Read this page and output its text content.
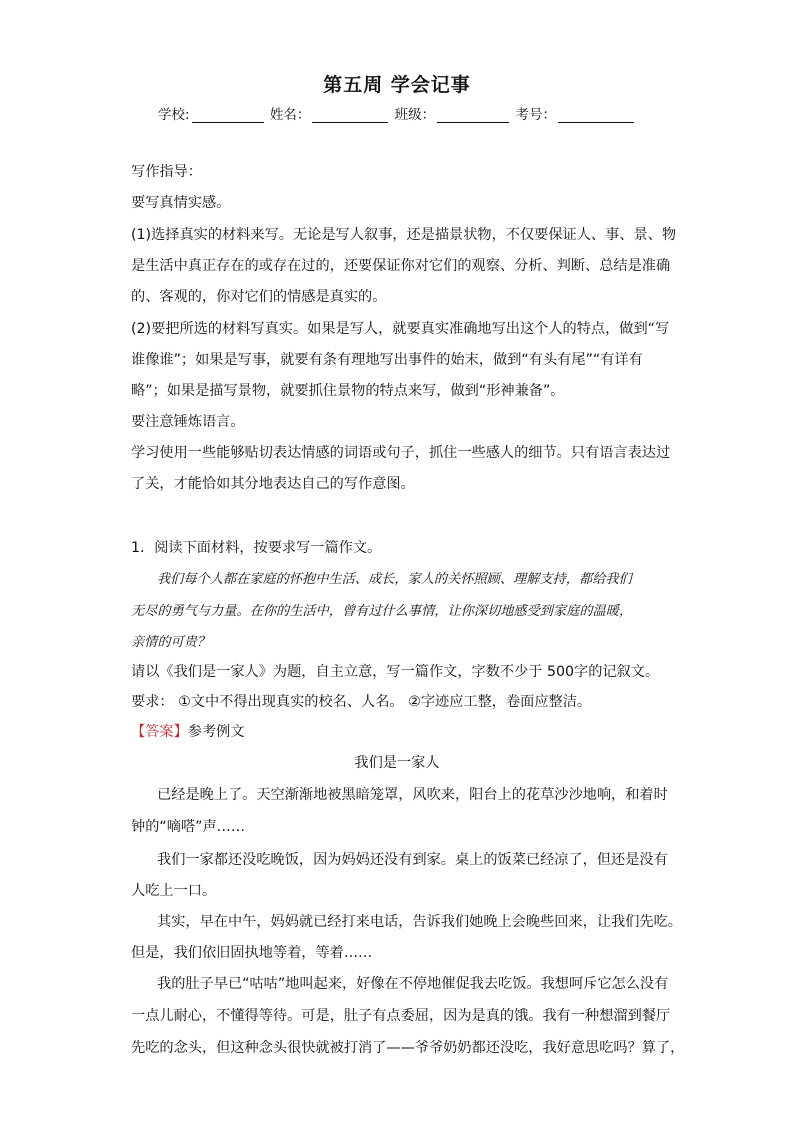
第五周 学会记事
学校:	姓名：	班级：	考号：
写作指导：
要写真情实感。
(1)选择真实的材料来写。无论是写人叙事，还是描景状物，不仅要保证人、事、景、物
是生活中真正存在的或存在过的，还要保证你对它们的观察、分析、判断、总结是准确
的、客观的，你对它们的情感是真实的。
(2)要把所选的材料写真实。如果是写人，就要真实准确地写出这个人的特点，做到“写
谁像谁”；如果是写事，就要有条有理地写出事件的始末，做到“有头有尾”“有详有
略”；如果是描写景物，就要抓住景物的特点来写，做到“形神兼备”。
要注意锤炼语言。
学习使用一些能够贴切表达情感的词语或句子，抓住一些感人的细节。只有语言表达过
了关，才能恰如其分地表达自己的写作意图。
1．阅读下面材料，按要求写一篇作文。
我们每个人都在家庭的怀抱中生活、成长，家人的关怀照顾、理解支持，都给我们
无尽的勇气与力量。在你的生活中，曾有过什么事情，让你深切地感受到家庭的温暖，
亲情的可贵？
请以《我们是一家人》为题，自主立意，写一篇作文，字数不少于 500字的记叙文。
要求： ①文中不得出现真实的校名、人名。 ②字迹应工整，卷面应整洁。
【答案】参考例文
我们是一家人
已经是晚上了。天空渐渐地被黑暗笼罩，风吹来，阳台上的花草沙沙地响，和着时
钟的“嘀嗒”声……
我们一家都还没吃晚饭，因为妈妈还没有到家。桌上的饭菜已经凉了，但还是没有
人吃上一口。
其实，早在中午，妈妈就已经打来电话，告诉我们她晚上会晚些回来，让我们先吃。
但是，我们依旧固执地等着，等着……
我的肚子早已“咕咕”地叫起来，好像在不停地催促我去吃饭。我想呵斥它怎么没有
一点儿耐心，不懂得等待。可是，肚子有点委屈，因为是真的饿。我有一种想溜到餐厅
先吃的念头，但这种念头很快就被打消了——爷爷奶奶都还没吃，我好意思吃吗？算了，
